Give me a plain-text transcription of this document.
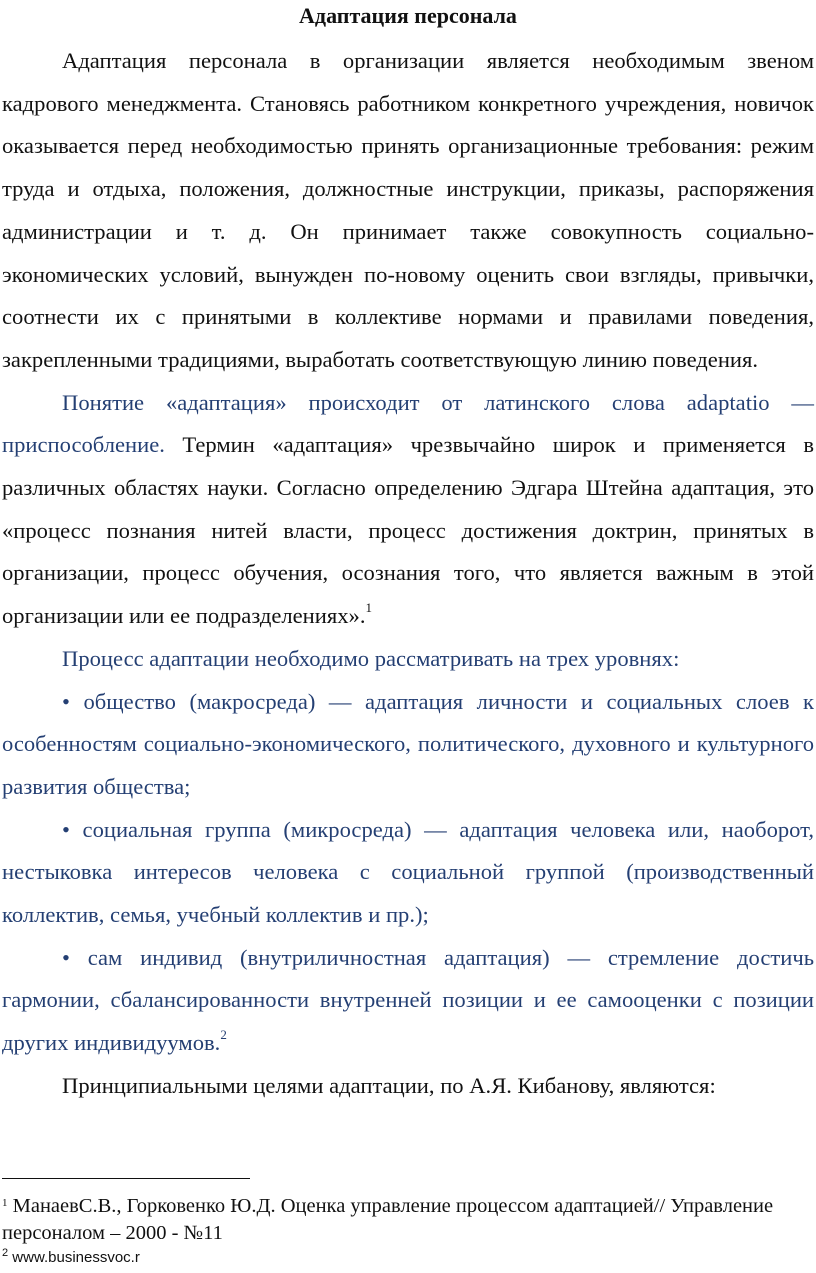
Адаптация персонала

Адаптация персонала в организации является необходимым звеном кадрового менеджмента. Становясь работником конкретного учреждения, новичок оказывается перед необходимостью принять организационные требования: режим труда и отдыха, положения, должностные инструкции, приказы, распоряжения администрации и т. д. Он принимает также совокупность социально-экономических условий, вынужден по-новому оценить свои взгляды, привычки, соотнести их с принятыми в коллективе нормами и правилами поведения, закрепленными традициями, выработать соответствующую линию поведения.

Понятие «адаптация» происходит от латинского слова adaptatio — приспособление. Термин «адаптация» чрезвычайно широк и применяется в различных областях науки. Согласно определению Эдгара Штейна адаптация, это «процесс познания нитей власти, процесс достижения доктрин, принятых в организации, процесс обучения, осознания того, что является важным в этой организации или ее подразделениях».$^1$

Процесс адаптации необходимо рассматривать на трех уровнях:

• общество (макросреда) — адаптация личности и социальных слоев к особенностям социально-экономического, политического, духовного и культурного развития общества;

• социальная группа (микросреда) — адаптация человека или, наоборот, нестыковка интересов человека с социальной группой (производственный коллектив, семья, учебный коллектив и пр.);

• сам индивид (внутриличностная адаптация) — стремление достичь гармонии, сбалансированности внутренней позиции и ее самооценки с позиции других индивидуумов.$^2$

Принципиальными целями адаптации, по А.Я. Кибанову, являются:

$^1$ МанаевС.В., Горковенко Ю.Д. Оценка управление процессом адаптацией// Управление персоналом – 2000 - №11
$^2$ www.businessvoc.r
